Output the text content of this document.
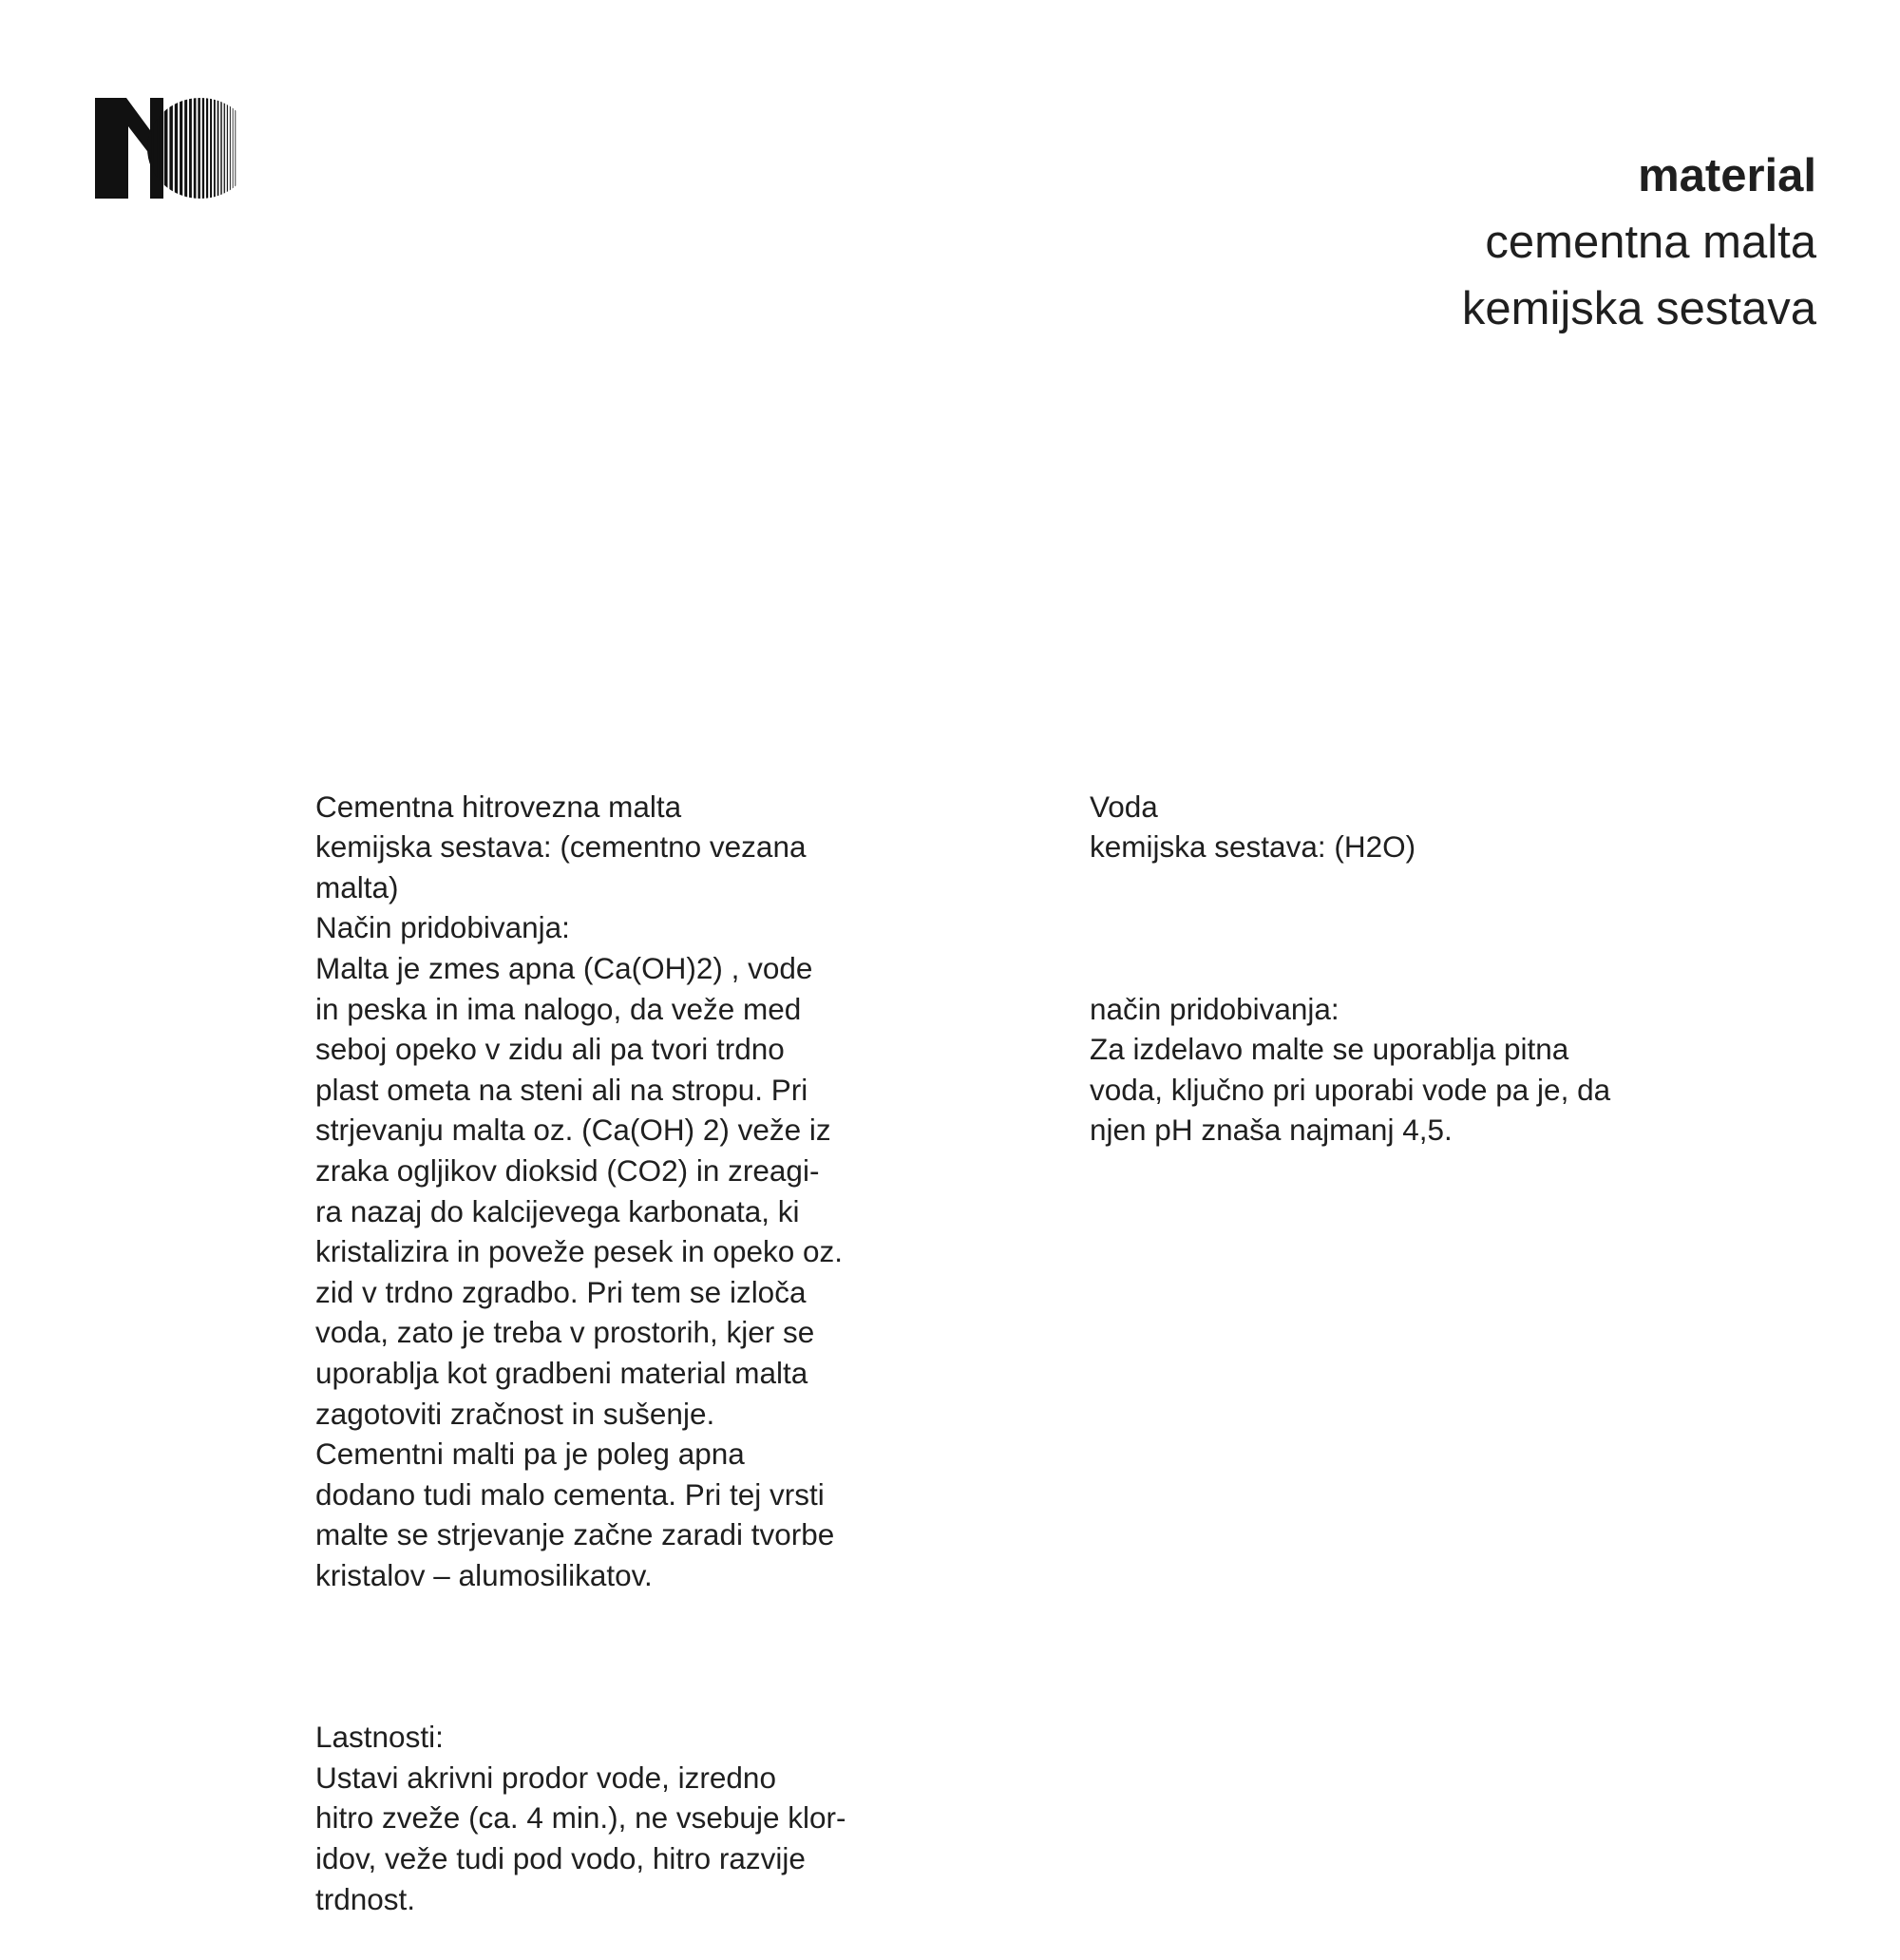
material
cementna malta
kemijska sestava

Cementna hitrovezna malta
kemijska sestava: (cementno vezana
malta)
Način pridobivanja:
Malta je zmes apna (Ca(OH)2) , vode
in peska in ima nalogo, da veže med
seboj opeko v zidu ali pa tvori trdno
plast ometa na steni ali na stropu. Pri
strjevanju malta oz. (Ca(OH) 2) veže iz
zraka ogljikov dioksid (CO2) in zreagi-
ra nazaj do kalcijevega karbonata, ki
kristalizira in poveže pesek in opeko oz.
zid v trdno zgradbo. Pri tem se izloča
voda, zato je treba v prostorih, kjer se
uporablja kot gradbeni material malta
zagotoviti zračnost in sušenje.
Cementni malti pa je poleg apna
dodano tudi malo cementa. Pri tej vrsti
malte se strjevanje začne zaradi tvorbe
kristalov – alumosilikatov.

Lastnosti:
Ustavi akrivni prodor vode, izredno
hitro zveže (ca. 4 min.), ne vsebuje klor-
idov, veže tudi pod vodo, hitro razvije
trdnost.

Voda
kemijska sestava: (H2O)

način pridobivanja:
Za izdelavo malte se uporablja pitna
voda, ključno pri uporabi vode pa je, da
njen pH znaša najmanj 4,5.
